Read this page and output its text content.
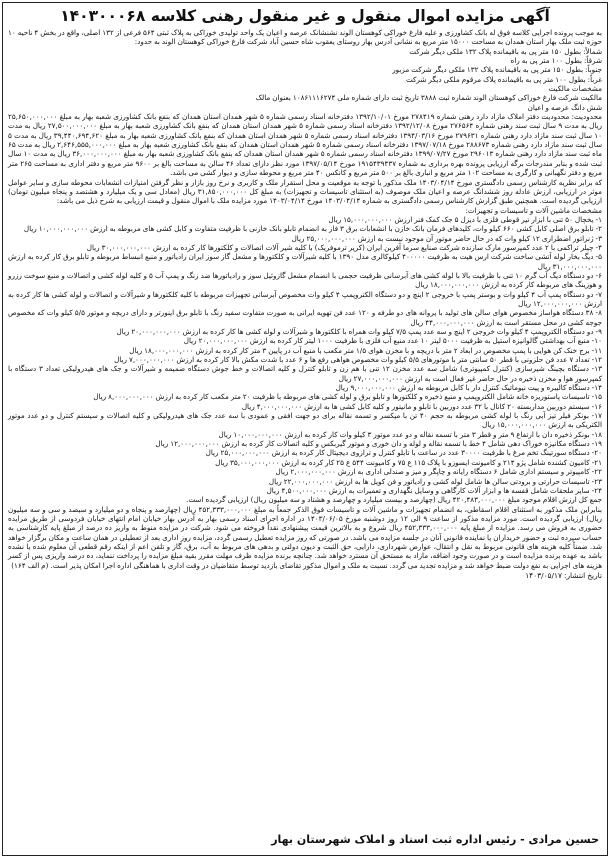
آگهی مزایده اموال منقول و غیر منقول رهنی کلاسه ۱۴۰۳۰۰۰۶۸

به موجب پرونده اجرایی کلاسه فوق له بانک کشاورزی و علیه فارغ خوراکی کوهستان الوند نشنشانک عرصه و اعیان یک واحد تولیدی خوراکی به پلاک ثبتی ۵۶۴ فرعی از ۱۳۲ اصلی، واقع در بخش ۴ ناحیه ۱۰ حوزه ثبت ملک بهار استان همدان به مساحت ۱۵۰۰۰ متر مربع به نشانی آدرس بهار روستای یعقوب شاه حسین آباد شرکت فارغ خوراکی کوهستان الوند به حدود:

شمالاً: بطول ۱۵۰ متر پی به باقیمانده پلاک ۱۳۲ ملکی دیگر شرکت

شرقاً: بطول ۱۰۰ متر پی به راه

جنوباً: بطول ۱۵۰ متر پی به باقیمانده پلاک ۱۳۲ ملکی دیگر شرکت مزبور

غرباً: بطول ۱۰۰ متر پی به باقیمانده پلاک مرقوم ملکی دیگر شرکت

مشخصات مالکیت

مالکیت شرکت فارغ خوراکی کوهستان الوند شماره ثبت ۳۸۸۸ تاریخ ثبت دارای شماره ملی ۱۰۸۶۱۱۱۶۲۷۴ بعنوان مالک

شش دانگ عرصه و اعیان

محدودیت: محدودیت دفتر املاک مازاد دارد رهنی شماره ۲۷۸۴۱۹ مورخ ۱۳۹۲/۱۰/۰۱ دفترخانه اسناد رسمی شماره ۵ شهر همدان استان همدان که بنفع بانک کشاورزی شعبه بهار به مبلغ ۲۵,۶۵۰,۰۰۰,۰۰۰ ریال به مدت ۹ سال ثبت سند رهنی شماره ۲۷۶۵۶۴ مورخ ۱۳۹۲/۱۲/۰۸ دفترخانه اسناد رسمی شماره ۵ شهر همدان استان همدان که بنفع بانک کشاورزی شعبه بهار به مبلغ ۲۷,۵۰۰,۰۰۰,۰۰۰ ریال به مدت ۱۰ سال ثبت سند مازاد دارد رهنی شماره ۲۷۹۶۳۱ مورخ ۱۳۹۴/۰۳/۱۶ دفترخانه اسناد رسمی شماره ۵ شهر همدان استان همدان که بنفع بانک کشاورزی شعبه بهار به مبلغ ۳۹,۴۴۰,۶۹۴,۶۲۰ ریال به مدت ۵ سال ثبت سند مازاد دارد رهنی شماره ۲۸۸۶۷۳ مورخ ۱۳۹۷/۰۷/۱۸ دفترخانه اسناد رسمی شماره ۵ شهر همدان استان همدان که بنفع بانک کشاورزی شعبه بهار به مبلغ ۲,۶۴۶,۵۵۵,۰۰۰,۰۰۰ ریال به مدت ۶۵ ماه ثبت سند مازاد دارد رهنی شماره ۲۹۶۰۱۳ مورخ ۱۳۹۹/۰۷/۲۷ دفترخانه اسناد رسمی شماره ۵ شهر همدان استان همدان که بنفع بانک کشاورزی شعبه بهار به مبلغ ۳۶,۰۰۰,۰۰۰,۰۰۰ ریال به مدت ۱۰ سال ثبت شده و بنابر مندرجات برگه ارزیابی پرونده بهره برداری به شماره ۱۹۱۵۴۳۹۴۳۷ مورخ ۱۳۹۷/۰۵/۱۴ مورد نظر دارای تعداد ۴۶ سالن به مساحت بالغ بر ۹۶۰۰ متر مربع و دفتر اداری به مساحت ۲۶۵ متر مربع و دفتر نگهبانی و کارگری به مساحت ۱۰۲ متر مربع و انباری بالغ بر ۵۰۰ متر مربع و کانکس ۴۰ متر مربع و محوطه سازی و دیوار کشی می باشد.

که برابر نظریه کارشناس رسمی دادگستری مورخ ۱۴۰۳/۰۴/۱۴ ملک مذکور با توجه به موقعیت و محل استقرار ملک و کاربری و نرخ روز بازار و نظر گرفتن امتیازات انشعابات محوطه سازی و سایر عوامل موثر در ارزیابی، ارزش عادله روز ششدانگ عرصه و اعیان ملک موصوف (به استثنای تاسیسات و تجهیزات) به مبلغ کل ۳۱,۸۵۰,۰۰۰,۰۰۰ ریال (معادل سی و یک میلیارد و هشتصد و پنجاه میلیون تومان) ارزیابی گردیده است. همچنین طبق گزارش کارشناس رسمی دادگستری به شماره ۱۴۰۳/۰۴/۱۴ مورخ ۱۴۰۳/۰۴/۱۴ مورد مزایده ملک با اموال منقول و قیمت ارزیابی به شرح ذیل می باشد:

مشخصات ماشین آلات و تاسیسات و تجهیزات:

۱- یخچال ۵۰ تنی با ابزار تیر قوطی فلزی با دیزل ۵ جک کمک فنر ارزش ۱۵,۰۰۰,۰۰۰,۰۰۰ ریال

۲- تابلو برق اصلی کابل کشی ۶۶۰ کیلو وات، کلیدهای فرمان بانک خازن با انشعابات برق ۳ فاز به انضمام تابلو بانک خازنی با ظرفیت متفاوت و کابل کشی های مربوطه به ارزش ۱۰,۰۰۰,۰۰۰,۰۰۰ ریال

۳- ژنراتور اضطراری ۱۲ کیلو وات که در حال حاضر موتور آن موجود نیست به ارزش ۲۵,۰۰۰,۰۰۰,۰۰۰ ریال

۴- چیلر تراکمی با ۲ عدد کمپرسور مارک سازنده شرکت صنایع سرما آفرین ایران (کریر ترموفریک) با کلیه شیر آلات اتصالات و کلکتورها کار کرده به ارزش ۳۰,۰۰۰,۰۰۰,۰۰۰ ریال

۵- دیگ بخار لوله آتشی ساخت شرکت ارس هیت به ظرفیت ۴۰۰۰۰۰ کیلوکالری مدل ۱۳۹۰ با کلیه شیرآلات و کلکتورها و مشعل گاز سوز ایران رادیاتور و منبع انبساط مربوطه و تابلو برق کار کرده به ارزش ۳۱,۰۰۰,۰۰۰,۰۰۰ ریال

۶- دو دستگاه دیگ آب گرم ۱۰ تنی با ظرفیت بالا با لوله کشی های آبرسانی ظرفیت حجمی با انضمام مشعل گازوئیل سوز و رادیاتورها ضد زنگ و پمپ آب ۵ و کلیه لوله کشی و اتصالات و منبع سوخت رزرو و هوزینگ های مربوطه کار کرده به ارزش ۱۸,۰۰۰,۰۰۰,۰۰۰ ریال

۷- دو دستگاه پمپ آب ۴ کیلو وات و بوستر پمپ با خروجی ۲ اینچ و دو دستگاه الکتروپمپ ۴ کیلو وات مخصوص آبرسانی تجهیزات مربوطه با کلیه کلکتورها و شیرآلات و اتصالات و لوله کشی ها کار کرده به ارزش ۱۲,۰۰۰,۰۰۰,۰۰۰ ریال

۸- ۳۸ دستگاه هواساز مخصوص هوای سالن های تولید با پروانه های دو طرفه و ۱۲۰ عدد فن تهویه ایرانی به صورت متفاوت سفید رنگ با تابلو برق اینورتر و دارای دریچه و موتور ۵/۵ کیلو وات که مخصوص جوجه کشی در محل مستقر است به ارزش ۴۴,۰۰۰,۰۰۰,۰۰۰ ریال

۹- دو دستگاه الکتروپمپ ۴ کیلو وات خروجی ۲ اینچ و سه عدد پمپ ۷/۵ کیلو وات همراه با کلکتورها و شیرآلات و لوله کشی ها کار کرده به ارزش ۲۰,۰۰۰,۰۰۰,۰۰۰ ریال

۱۰- منبع آب بهداشتی گالوانیزه استیل به ظرفیت ۵۰۰۰ لیتر ۱۰ عدد منبع آب فلزی با ظرفیت ۱۰۰۰ لیتر کار کرده به ارزش ۲۰,۰۰۰,۰۰۰,۰۰۰ ریال

۱۱- برج خنک کن هوایی با پمپ مخصوص در ابعاد ۲ متر با دریچه و با مخزن هوای ۱/۵ متر مکعب با منبع آب در پایین ۳ متر کار کرده به ارزش ۱۸,۰۰۰,۰۰۰,۰۰۰ ریال

۱۲- تعداد ۷ عدد فن حلزونی با قطر ۵۰ سانتی متر با موتورهای ۵/۵ کیلو وات مخصوص هواهی رفع ها و ۶ عدد با شدت مکش بالا کار کرده به ارزش ۷,۰۰۰,۰۰۰,۰۰۰ ریال

۱۳- دستگاه بچینگ شیرسازی (کنترل کمپیوتری) شامل سه عدد مخزن ۱۲ تنی با هم زن و تابلو کنترل و کلیه اتصالات و خط جوش دستگاه ضمیمه و شیرآلات و جک های هیدرولیکی تعداد ۳ دستگاه با کمپرسور هوا و مخزن ذخیره در حال حاضر غیر فعال است به ارزش ۲۷,۰۰۰,۰۰۰,۰۰۰ ریال

۱۴- دستگاه کالیبره و پیت نیوماتیک کنترل دار با کابل مربوطه به ارزش ۹,۰۰۰,۰۰۰,۰۰۰ ریال

۱۵- تاسیسات پاستوریزه خانه شامل الکتروپمپ و منبع ذخیره و کلکتورها و تابلو برق و لوله کشی های مربوطه با ظرفیت ۲۰ متر مکعب کار کرده به ارزش ۸,۰۰۰,۰۰۰,۰۰۰ ریال

۱۶- سیستم دوربین مداربسته ۲۰ کانال با ۳۲ عدد دوربین با تابلو و مانیتور و کلیه کابل کشی ها به ارزش ۴,۰۰۰,۰۰۰,۰۰۰ ریال

۱۷- بونکر فیلر تیز آبی رنگ با لوله کشی مربوطه به حجم ۴۰ تن با میکسر و تسمه نقاله برای دو جهت افقی و عمودی با سه عدد جک های هیدرولیکی و کلیه اتصالات و سیستم کنترل و دو عدد موتور الکتریکی به ارزش ۱۵,۰۰۰,۰۰۰,۰۰۰ ریال

۱۸- بونکر ذخیره دان با ارتفاع ۹ متر و قطر ۳ متر با تسمه نقاله و دو عدد موتور ۳ کیلو وات کار کرده به ارزش ۱۰,۰۰۰,۰۰۰,۰۰۰ ریال

۱۹- دستگاه مکانیزه خوراک دهی شامل ۴ خط با تسمه نقاله و لوله و دان خوری و موتور گیربکس و کلیه اتصالات کار کرده به ارزش ۱۲,۰۰۰,۰۰۰,۰۰۰ ریال

۲۰- دستگاه سورتینگ تخم مرغ با ظرفیت ۳۰۰۰۰ عدد در ساعت با تابلو کنترل و ترازوی دیجیتال کار کرده به ارزش ۲۵,۰۰۰,۰۰۰,۰۰۰ ریال

۲۱- کامیون کشنده شامل پژو ۲۱۴ و کامیونت ایسوزو با پلاک ۱۱۵ ع ۷۵ و کامیونت ۵۴۴ ع ۲۵ کار کرده به ارزش ۳۵,۰۰۰,۰۰۰,۰۰۰ ریال

۲۲- کامپیوتر و سیستم اداری شامل ۶ دستگاه رایانه و چاپگر و میز و صندلی اداری به ارزش ۲,۰۰۰,۰۰۰,۰۰۰ ریال

۲۳- تاسیسات حرارتی و برودتی سالن ها شامل لوله کشی و رادیاتور و فن کویل ها به ارزش ۲۲,۰۰۰,۰۰۰,۰۰۰ ریال

۲۴- سایر ملحقات شامل قفسه ها و ابزار آلات کارگاهی و وسایل نگهداری و تعمیرات به ارزش ۴,۵۰۰,۰۰۰,۰۰۰ ریال

جمع کل ارزش اقلام موجود مبلغ ۴۲۰,۴۸۳,۰۰۰,۰۰۰ ریال (چهارصد و بیست میلیارد و چهارصد و هشتاد و سه میلیون ریال) ارزیابی گردیده است.

بنابراین ملک مذکور به استثنای اقلام اسقاطی، به انضمام تجهیزات و ماشین آلات و تاسیسات فوق الذکر جمعاً به مبلغ ۴۵۲,۳۳۳,۰۰۰,۰۰۰ ریال (چهارصد و پنجاه و دو میلیارد و سیصد و سی و سه میلیون ریال) ارزیابی گردیده است. مورد مزایده مذکور از ساعت ۹ الی ۱۲ روز دوشنبه مورخ ۱۴۰۳/۰۶/۰۵ در اداره اجرای اسناد رسمی بهار به آدرس بهار خیابان امام انتهای خیابان فردوسی از طریق مزایده حضوری به فروش می رسد. مزایده از مبلغ پایه ۴۵۲,۳۳۳,۰۰۰,۰۰۰ ریال شروع و به بالاترین قیمت پیشنهادی نقداً فروخته می شود. شرکت در مزایده منوط به واریز ده درصد از مبلغ پایه کارشناسی به حساب سپرده ثبت و حضور خریداران یا نماینده قانونی آنان در جلسه مزایده می باشد. در صورتی که روز مزایده تعطیل رسمی گردد، مزایده روز اداری بعد از تعطیلی در همان ساعت و مکان برگزار خواهد شد. ضمناً کلیه هزینه های قانونی مربوط به نقل و انتقال، عوارض شهرداری، دارایی، حق الثبت و دیون دولتی و بدهی های مربوط به آب، برق، گاز و تلفن اعم از اینکه رقم قطعی آن معلوم شده یا نشده باشد به عهده برنده مزایده است و در صورت وجود اضافه، مازاد به مستحق آن مسترد خواهد شد. چنانچه برنده مزایده ظرف مهلت مقرر بقیه مبلغ مزایده را پرداخت ننماید، ده درصد واریزی پس از کسر هزینه های اجرایی به نفع دولت ضبط خواهد شد و مزایده تجدید می گردد. نسبت به ملک و اموال مذکور تقاضای بازدید توسط متقاضیان در وقت اداری با هماهنگی اداره اجرا امکان پذیر است. (م الف ۱۶۴)

تاریخ انتشار: ۱۴۰۳/۰۵/۱۷
حسین مرادی - رئیس اداره ثبت اسناد و املاک شهرستان بهار
